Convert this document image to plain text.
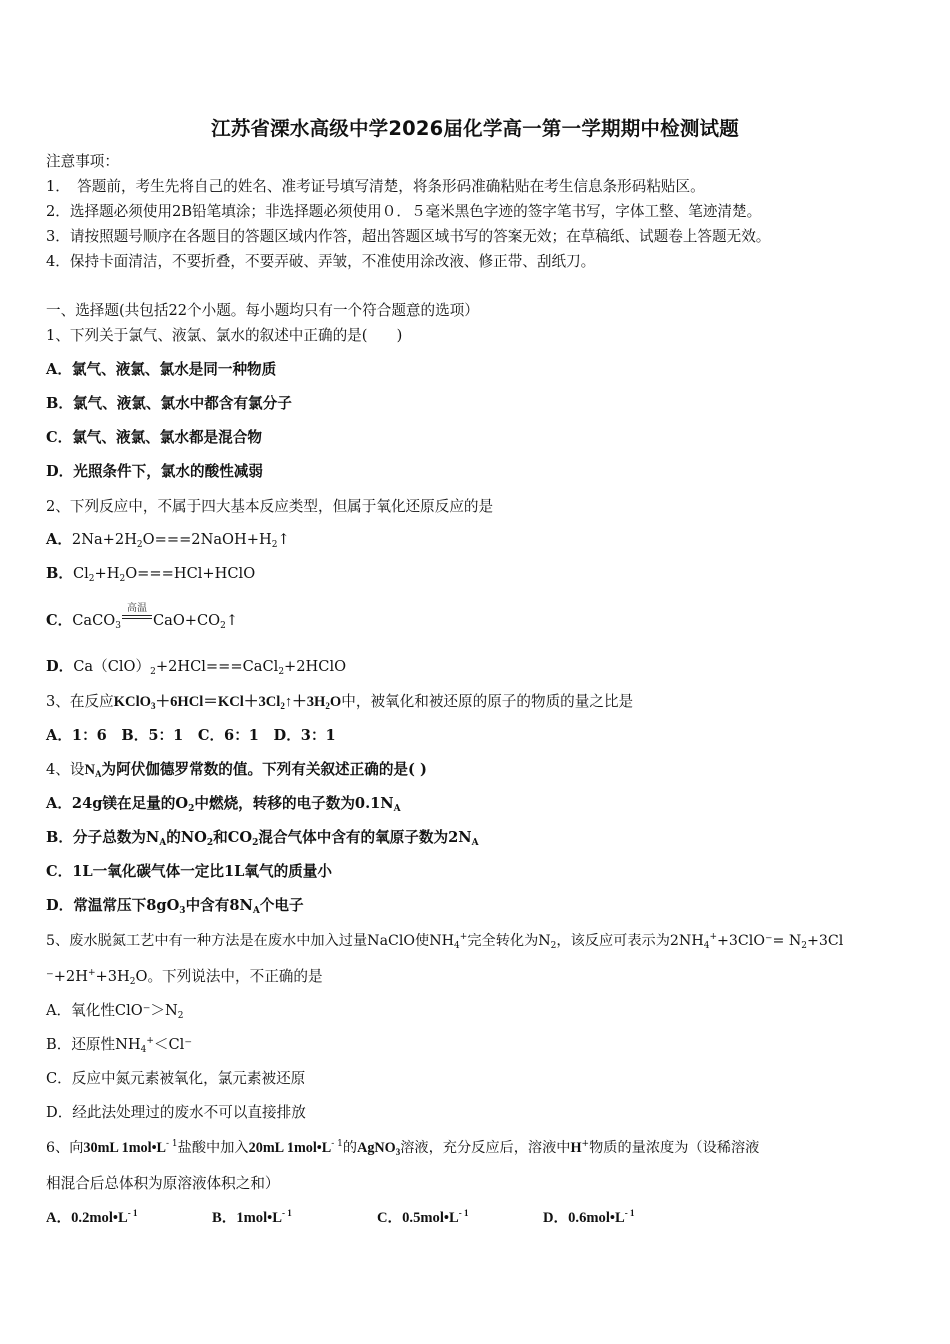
江苏省溧水高级中学2026届化学高一第一学期期中检测试题
注意事项：
1．　答题前，考生先将自己的姓名、准考证号填写清楚，将条形码准确粘贴在考生信息条形码粘贴区。
2．选择题必须使用2B铅笔填涂；非选择题必须使用０．５毫米黑色字迹的签字笔书写，字体工整、笔迹清楚。
3．请按照题号顺序在各题目的答题区域内作答，超出答题区域书写的答案无效；在草稿纸、试题卷上答题无效。
4．保持卡面清洁，不要折叠，不要弄破、弄皱，不准使用涂改液、修正带、刮纸刀。
一、选择题(共包括22个小题。每小题均只有一个符合题意的选项）
1、下列关于氯气、液氯、氯水的叙述中正确的是(　　)
A．氯气、液氯、氯水是同一种物质
B．氯气、液氯、氯水中都含有氯分子
C．氯气、液氯、氯水都是混合物
D．光照条件下，氯水的酸性减弱
2、下列反应中，不属于四大基本反应类型，但属于氧化还原反应的是
A．$2Na+2H_2O===2NaOH+H_2↑$
B．$Cl_2+H_2O===HCl+HClO$
C．CaCO$_3$
高温
$CaO+CO_2↑$
D．$Ca(ClO)_2+2HCl===CaCl_2+2HClO$
3、在反应$KClO_3+6HCl=KCl+3Cl_2↑+3H_2O$中，被氧化和被还原的原子的物质的量之比是
A．1：6　B．5：1　C．6：1　D．3：1
4、设$N_A$为阿伏伽德罗常数的值。下列有关叙述正确的是( )
A．24g镁在足量的$O_2$中燃烧，转移的电子数为$0.1N_A$
B．分子总数为$N_A$的$NO_2$和$CO_2$混合气体中含有的氧原子数为$2N_A$
C．1L一氧化碳气体一定比1L氧气的质量小
D．常温常压下$8gO_3$中含有$8N_A$个电子
5、废水脱氮工艺中有一种方法是在废水中加入过量NaClO使$NH_4^+$完全转化为$N_2$，该反应可表示为$2NH_4^++3ClO^-= N_2+3Cl$
$^-+2H^++3H_2O$。下列说法中，不正确的是
A．氧化性$ClO^->N_2$
B．还原性$NH_4^+<Cl^-$
C．反应中氮元素被氧化，氯元素被还原
D．经此法处理过的废水不可以直接排放
6、向30mL $1mol•L^{- 1}$盐酸中加入20mL $1mol•L^{- 1}$的AgNO$_3$溶液，充分反应后，溶液中H+物质的量浓度为（设稀溶液
相混合后总体积为原溶液体积之和）
A．$0.2mol•L^{- 1}$	B．$1mol•L^{- 1}$	C．$0.5mol•L^{- 1}$	D．$0.6mol•L^{- 1}$
